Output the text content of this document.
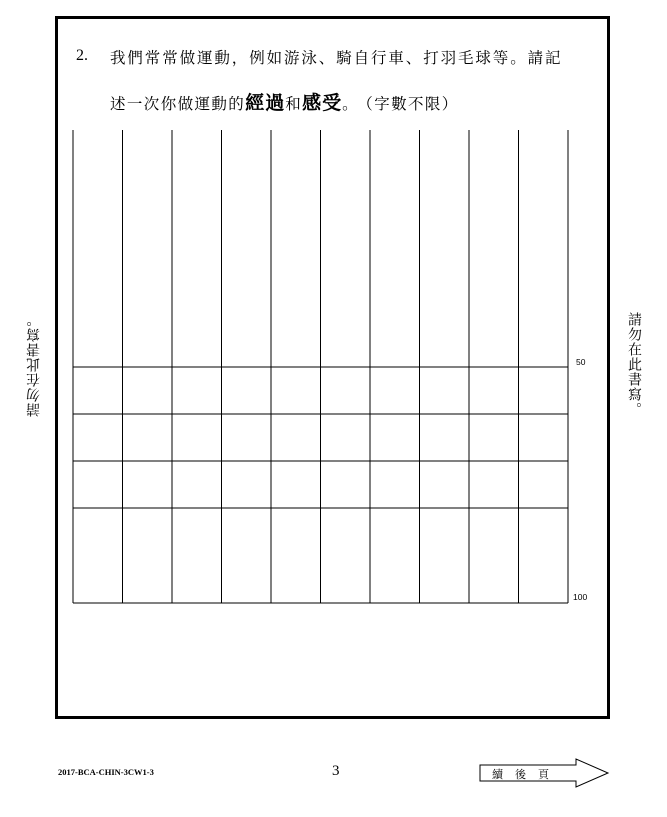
2. 我們常常做運動，例如游泳、騎自行車、打羽毛球等。請記
述一次你做運動的經過和感受。 （字數不限）
50
100
請勿在此書寫。	請勿在此書寫。
2017-BCA-CHIN-3CW1-3	3	續後頁
